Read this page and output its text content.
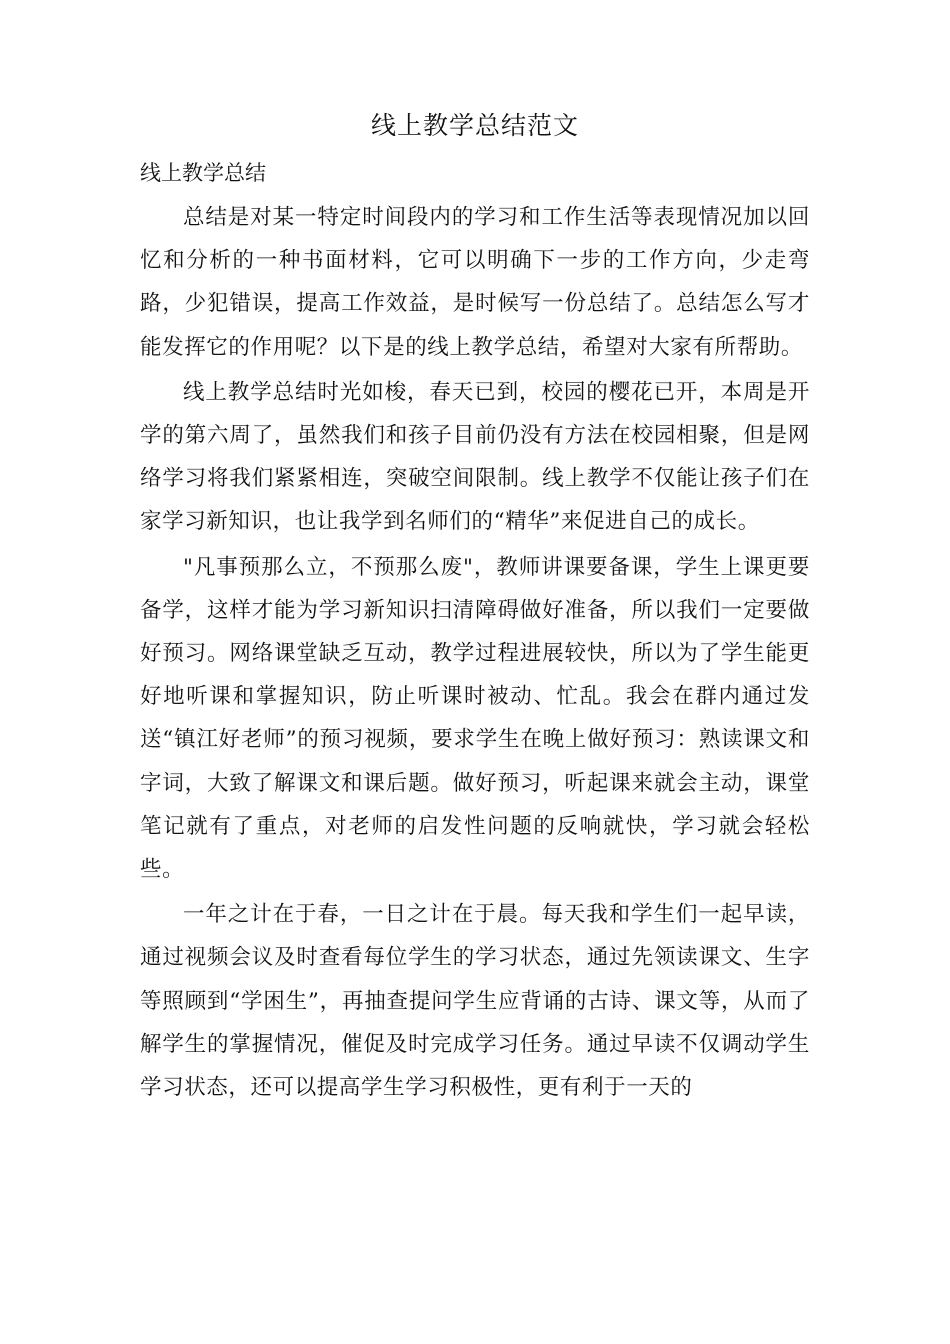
线上教学总结范文
线上教学总结

总结是对某一特定时间段内的学习和工作生活等表现情况加以回忆和分析的一种书面材料，它可以明确下一步的工作方向，少走弯路，少犯错误，提高工作效益，是时候写一份总结了。总结怎么写才能发挥它的作用呢？以下是的线上教学总结，希望对大家有所帮助。

线上教学总结时光如梭，春天已到，校园的樱花已开，本周是开学的第六周了，虽然我们和孩子目前仍没有方法在校园相聚，但是网络学习将我们紧紧相连，突破空间限制。线上教学不仅能让孩子们在家学习新知识，也让我学到名师们的“精华”来促进自己的成长。

"凡事预那么立，不预那么废"，教师讲课要备课，学生上课更要备学，这样才能为学习新知识扫清障碍做好准备，所以我们一定要做好预习。网络课堂缺乏互动，教学过程进展较快，所以为了学生能更好地听课和掌握知识，防止听课时被动、忙乱。我会在群内通过发送“镇江好老师”的预习视频，要求学生在晚上做好预习：熟读课文和字词，大致了解课文和课后题。做好预习，听起课来就会主动，课堂笔记就有了重点，对老师的启发性问题的反响就快，学习就会轻松些。

一年之计在于春，一日之计在于晨。每天我和学生们一起早读，通过视频会议及时查看每位学生的学习状态，通过先领读课文、生字等照顾到“学困生”，再抽查提问学生应背诵的古诗、课文等，从而了解学生的掌握情况，催促及时完成学习任务。通过早读不仅调动学生学习状态，还可以提高学生学习积极性，更有利于一天的
